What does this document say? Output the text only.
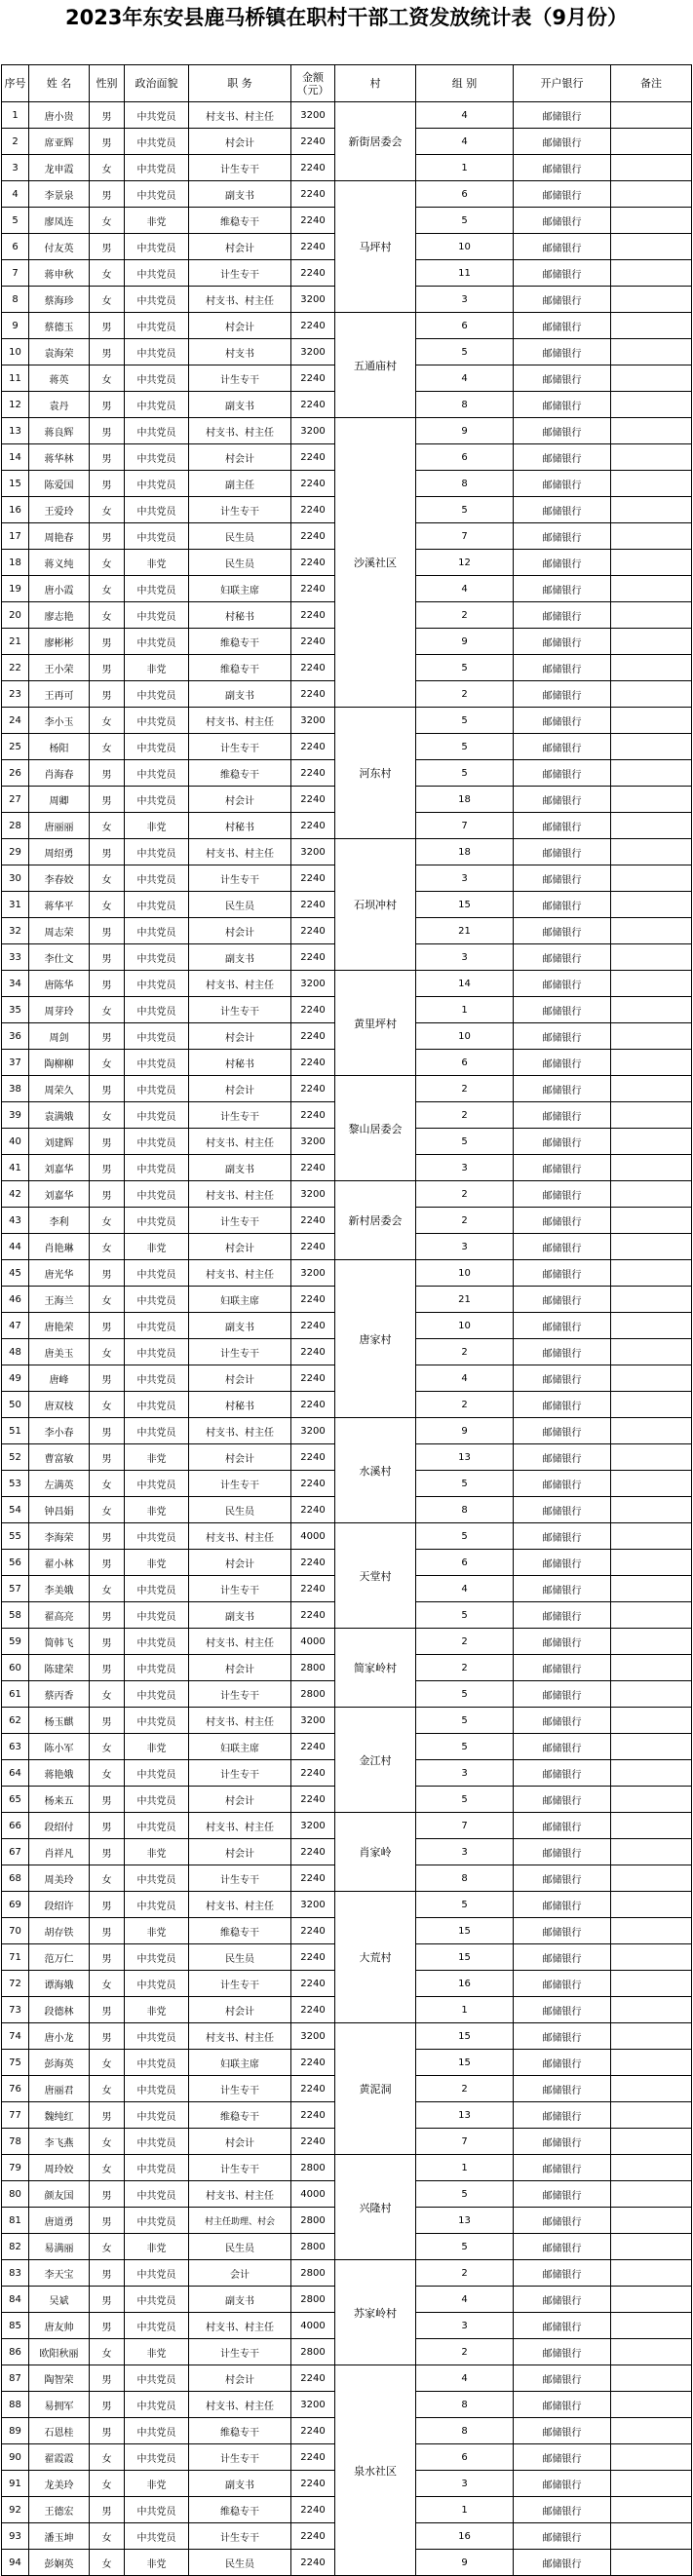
2023年东安县鹿马桥镇在职村干部工资发放统计表（9月份）
序号	姓 名	性别	政治面貌	职 务	金额（元）	村	组 别	开户银行	备注
1	唐小贵	男	中共党员	村支书、村主任	3200	新街居委会	4	邮储银行	
2	席亚辉	男	中共党员	村会计	2240		4	邮储银行	
3	龙申霞	女	中共党员	计生专干	2240		1	邮储银行	
4	李景泉	男	中共党员	副支书	2240	马坪村	6	邮储银行	
5	廖凤连	女	非党	维稳专干	2240		5	邮储银行	
6	付友英	男	中共党员	村会计	2240		10	邮储银行	
7	蒋申秋	女	中共党员	计生专干	2240		11	邮储银行	
8	蔡海珍	女	中共党员	村支书、村主任	3200		3	邮储银行	
9	蔡德玉	男	中共党员	村会计	2240	五通庙村	6	邮储银行	
10	袁海荣	男	中共党员	村支书	3200		5	邮储银行	
11	蒋英	女	中共党员	计生专干	2240		4	邮储银行	
12	袁丹	男	中共党员	副支书	2240		8	邮储银行	
13	蒋良辉	男	中共党员	村支书、村主任	3200	沙溪社区	9	邮储银行	
14	蒋华林	男	中共党员	村会计	2240		6	邮储银行	
15	陈爱国	男	中共党员	副主任	2240		8	邮储银行	
16	王爱玲	女	中共党员	计生专干	2240		5	邮储银行	
17	周艳春	男	中共党员	民生员	2240		7	邮储银行	
18	蒋义纯	女	非党	民生员	2240		12	邮储银行	
19	唐小霞	女	中共党员	妇联主席	2240		4	邮储银行	
20	廖志艳	女	中共党员	村秘书	2240		2	邮储银行	
21	廖彬彬	男	中共党员	维稳专干	2240		9	邮储银行	
22	王小荣	男	非党	维稳专干	2240		5	邮储银行	
23	王再可	男	中共党员	副支书	2240		2	邮储银行	
24	李小玉	女	中共党员	村支书、村主任	3200	河东村	5	邮储银行	
25	杨阳	女	中共党员	计生专干	2240		5	邮储银行	
26	肖海春	男	中共党员	维稳专干	2240		5	邮储银行	
27	周卿	男	中共党员	村会计	2240		18	邮储银行	
28	唐丽丽	女	非党	村秘书	2240		7	邮储银行	
29	周绍勇	男	中共党员	村支书、村主任	3200	石坝冲村	18	邮储银行	
30	李春姣	女	中共党员	计生专干	2240		3	邮储银行	
31	蒋华平	女	中共党员	民生员	2240		15	邮储银行	
32	周志荣	男	中共党员	村会计	2240		21	邮储银行	
33	李仕文	男	中共党员	副支书	2240		3	邮储银行	
34	唐陈华	男	中共党员	村支书、村主任	3200	黄里坪村	14	邮储银行	
35	周芽玲	女	中共党员	计生专干	2240		1	邮储银行	
36	周剑	男	中共党员	村会计	2240		10	邮储银行	
37	陶柳柳	女	中共党员	村秘书	2240		6	邮储银行	
38	周荣久	男	中共党员	村会计	2240	黎山居委会	2	邮储银行	
39	袁满娥	女	中共党员	计生专干	2240		2	邮储银行	
40	刘建辉	男	中共党员	村支书、村主任	3200		5	邮储银行	
41	刘嘉华	男	中共党员	副支书	2240		3	邮储银行	
42	刘嘉华	男	中共党员	村支书、村主任	3200	新村居委会	2	邮储银行	
43	李利	女	中共党员	计生专干	2240		2	邮储银行	
44	肖艳琳	女	非党	村会计	2240		3	邮储银行	
45	唐光华	男	中共党员	村支书、村主任	3200	唐家村	10	邮储银行	
46	王海兰	女	中共党员	妇联主席	2240		21	邮储银行	
47	唐艳荣	男	中共党员	副支书	2240		10	邮储银行	
48	唐美玉	女	中共党员	计生专干	2240		2	邮储银行	
49	唐峰	男	中共党员	村会计	2240		4	邮储银行	
50	唐双枝	女	中共党员	村秘书	2240		2	邮储银行	
51	李小春	男	中共党员	村支书、村主任	3200	水溪村	9	邮储银行	
52	曹富敏	男	非党	村会计	2240		13	邮储银行	
53	左满英	女	中共党员	计生专干	2240		5	邮储银行	
54	钟昌娟	女	非党	民生员	2240		8	邮储银行	
55	李海荣	男	中共党员	村支书、村主任	4000	天堂村	5	邮储银行	
56	翟小林	男	非党	村会计	2240		6	邮储银行	
57	李美娥	女	中共党员	计生专干	2240		4	邮储银行	
58	翟高亮	男	中共党员	副支书	2240		5	邮储银行	
59	简韩飞	男	中共党员	村支书、村主任	4000	简家岭村	2	邮储银行	
60	陈建荣	男	中共党员	村会计	2800		2	邮储银行	
61	蔡丙香	女	中共党员	计生专干	2800		5	邮储银行	
62	杨玉麒	男	中共党员	村支书、村主任	3200	金江村	5	邮储银行	
63	陈小军	女	非党	妇联主席	2240		5	邮储银行	
64	蒋艳娥	女	中共党员	计生专干	2240		3	邮储银行	
65	杨来五	男	中共党员	村会计	2240		5	邮储银行	
66	段绍付	男	中共党员	村支书、村主任	3200	肖家岭	7	邮储银行	
67	肖祥凡	男	非党	村会计	2240		3	邮储银行	
68	周美玲	女	中共党员	计生专干	2240		8	邮储银行	
69	段绍许	男	中共党员	村支书、村主任	3200	大荒村	5	邮储银行	
70	胡存铁	男	非党	维稳专干	2240		15	邮储银行	
71	范万仁	男	中共党员	民生员	2240		15	邮储银行	
72	谭海娥	女	中共党员	计生专干	2240		16	邮储银行	
73	段德林	男	非党	村会计	2240		1	邮储银行	
74	唐小龙	男	中共党员	村支书、村主任	3200	黄泥洞	15	邮储银行	
75	彭海英	女	中共党员	妇联主席	2240		15	邮储银行	
76	唐丽君	女	中共党员	计生专干	2240		2	邮储银行	
77	魏纯红	男	中共党员	维稳专干	2240		13	邮储银行	
78	李飞燕	女	中共党员	村会计	2240		7	邮储银行	
79	周玲姣	女	中共党员	计生专干	2800	兴隆村	1	邮储银行	
80	颜友国	男	中共党员	村支书、村主任	4000		5	邮储银行	
81	唐道勇	男	中共党员	村主任助理、村会	2800		13	邮储银行	
82	易满丽	女	非党	民生员	2800		5	邮储银行	
83	李天宝	男	中共党员	会计	2800	苏家岭村	2	邮储银行	
84	吴斌	男	中共党员	副支书	2800		4	邮储银行	
85	唐友帅	男	中共党员	村支书、村主任	4000		3	邮储银行	
86	欧阳秋丽	女	非党	计生专干	2800		2	邮储银行	
87	陶智荣	男	中共党员	村会计	2240	泉水社区	4	邮储银行	
88	易拥军	男	中共党员	村支书、村主任	3200		8	邮储银行	
89	石恩桂	男	中共党员	维稳专干	2240		8	邮储银行	
90	翟霞霞	女	中共党员	计生专干	2240		6	邮储银行	
91	龙美玲	女	非党	副支书	2240		3	邮储银行	
92	王德宏	男	中共党员	维稳专干	2240		1	邮储银行	
93	潘玉坤	女	中共党员	计生专干	2240		16	邮储银行	
94	彭娴英	女	非党	民生员	2240		9	邮储银行	
